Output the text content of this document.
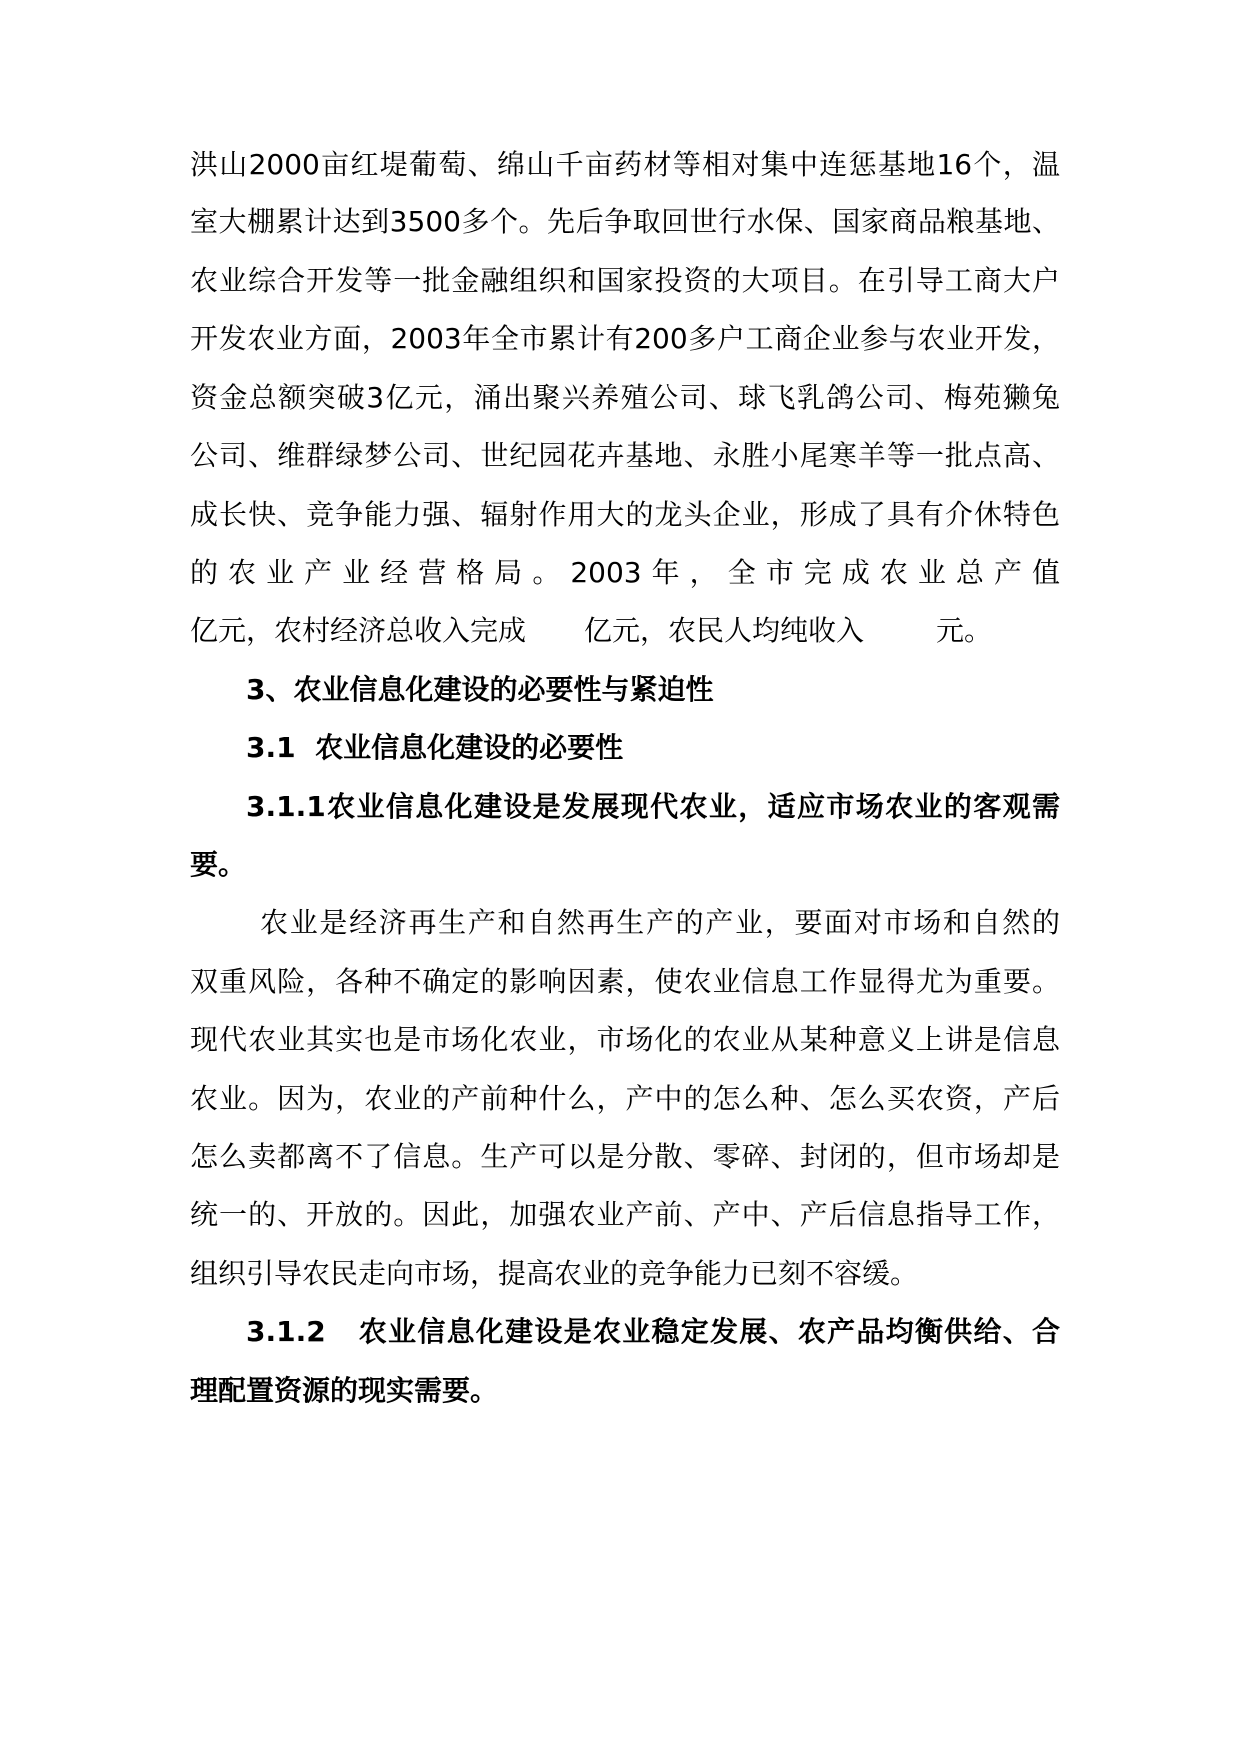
洪山2000亩红堤葡萄、绵山千亩药材等相对集中连惩基地16个，温
室大棚累计达到3500多个。先后争取回世行水保、国家商品粮基地、
农业综合开发等一批金融组织和国家投资的大项目。在引导工商大户
开发农业方面，2003年全市累计有200多户工商企业参与农业开发，
资金总额突破3亿元，涌出聚兴养殖公司、球飞乳鸽公司、梅苑獭兔
公司、维群绿梦公司、世纪园花卉基地、永胜小尾寒羊等一批点高、
成长快、竞争能力强、辐射作用大的龙头企业，形成了具有介休特色
的农业产业经营格局。2003年，全市完成农业总产值
亿元，农村经济总收入完成 亿元，农民人均纯收入	元。
3、农业信息化建设的必要性与紧迫性
3.1  农业信息化建设的必要性
3.1.1农业信息化建设是发展现代农业，适应市场农业的客观需
要。
农业是经济再生产和自然再生产的产业，要面对市场和自然的
双重风险，各种不确定的影响因素，使农业信息工作显得尤为重要。
现代农业其实也是市场化农业，市场化的农业从某种意义上讲是信息
农业。因为，农业的产前种什么，产中的怎么种、怎么买农资，产后
怎么卖都离不了信息。生产可以是分散、零碎、封闭的，但市场却是
统一的、开放的。因此，加强农业产前、产中、产后信息指导工作，
组织引导农民走向市场，提高农业的竞争能力已刻不容缓。
3.1.2   农业信息化建设是农业稳定发展、农产品均衡供给、合
理配置资源的现实需要。
